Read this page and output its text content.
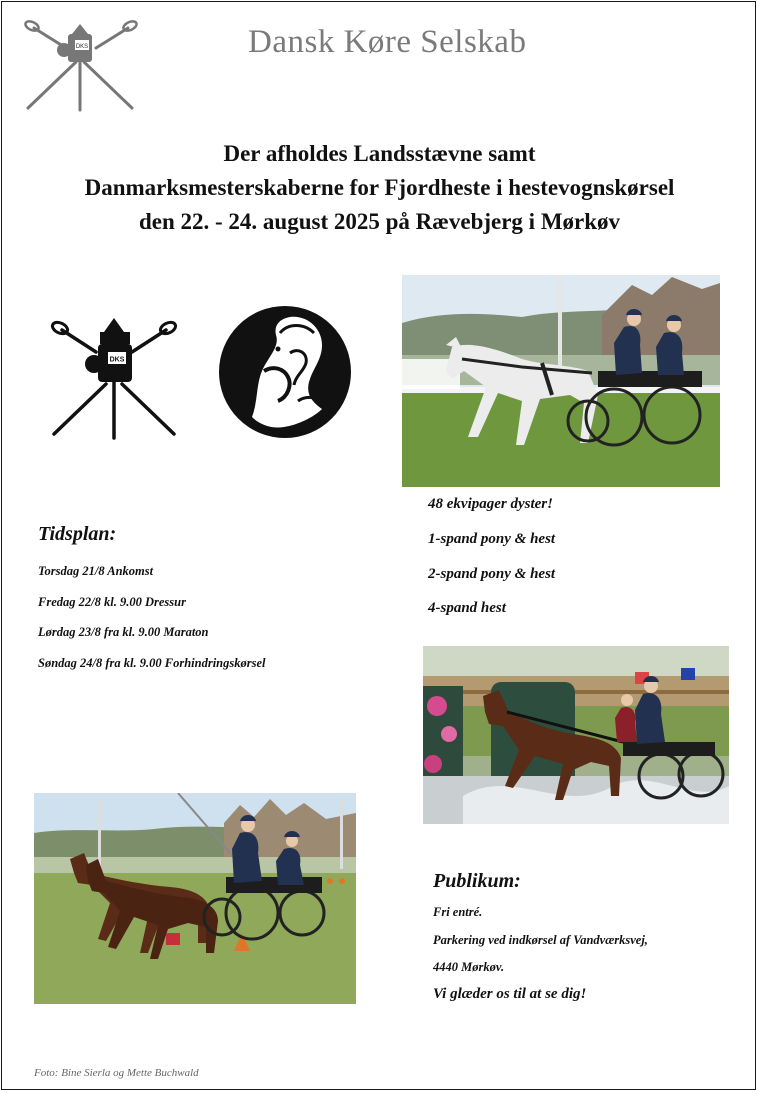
DKS	Dansk Køre Selskab
Der afholdes Landsstævne samt
Danmarksmesterskaberne for Fjordheste i hestevognskørsel
den 22. - 24. august 2025 på Rævebjerg i Mørkøv
DKS
Tidsplan:
Torsdag 21/8 Ankomst
Fredag 22/8 kl. 9.00 Dressur
Lørdag 23/8 fra kl. 9.00 Maraton
Søndag 24/8 fra kl. 9.00 Forhindringskørsel
48 ekvipager dyster!
1-spand pony & hest
2-spand pony & hest
4-spand hest
Publikum:
Fri entré.
Parkering ved indkørsel af Vandværksvej,
4440 Mørkøv.
Vi glæder os til at se dig!
Foto: Bine Sierla og Mette Buchwald
